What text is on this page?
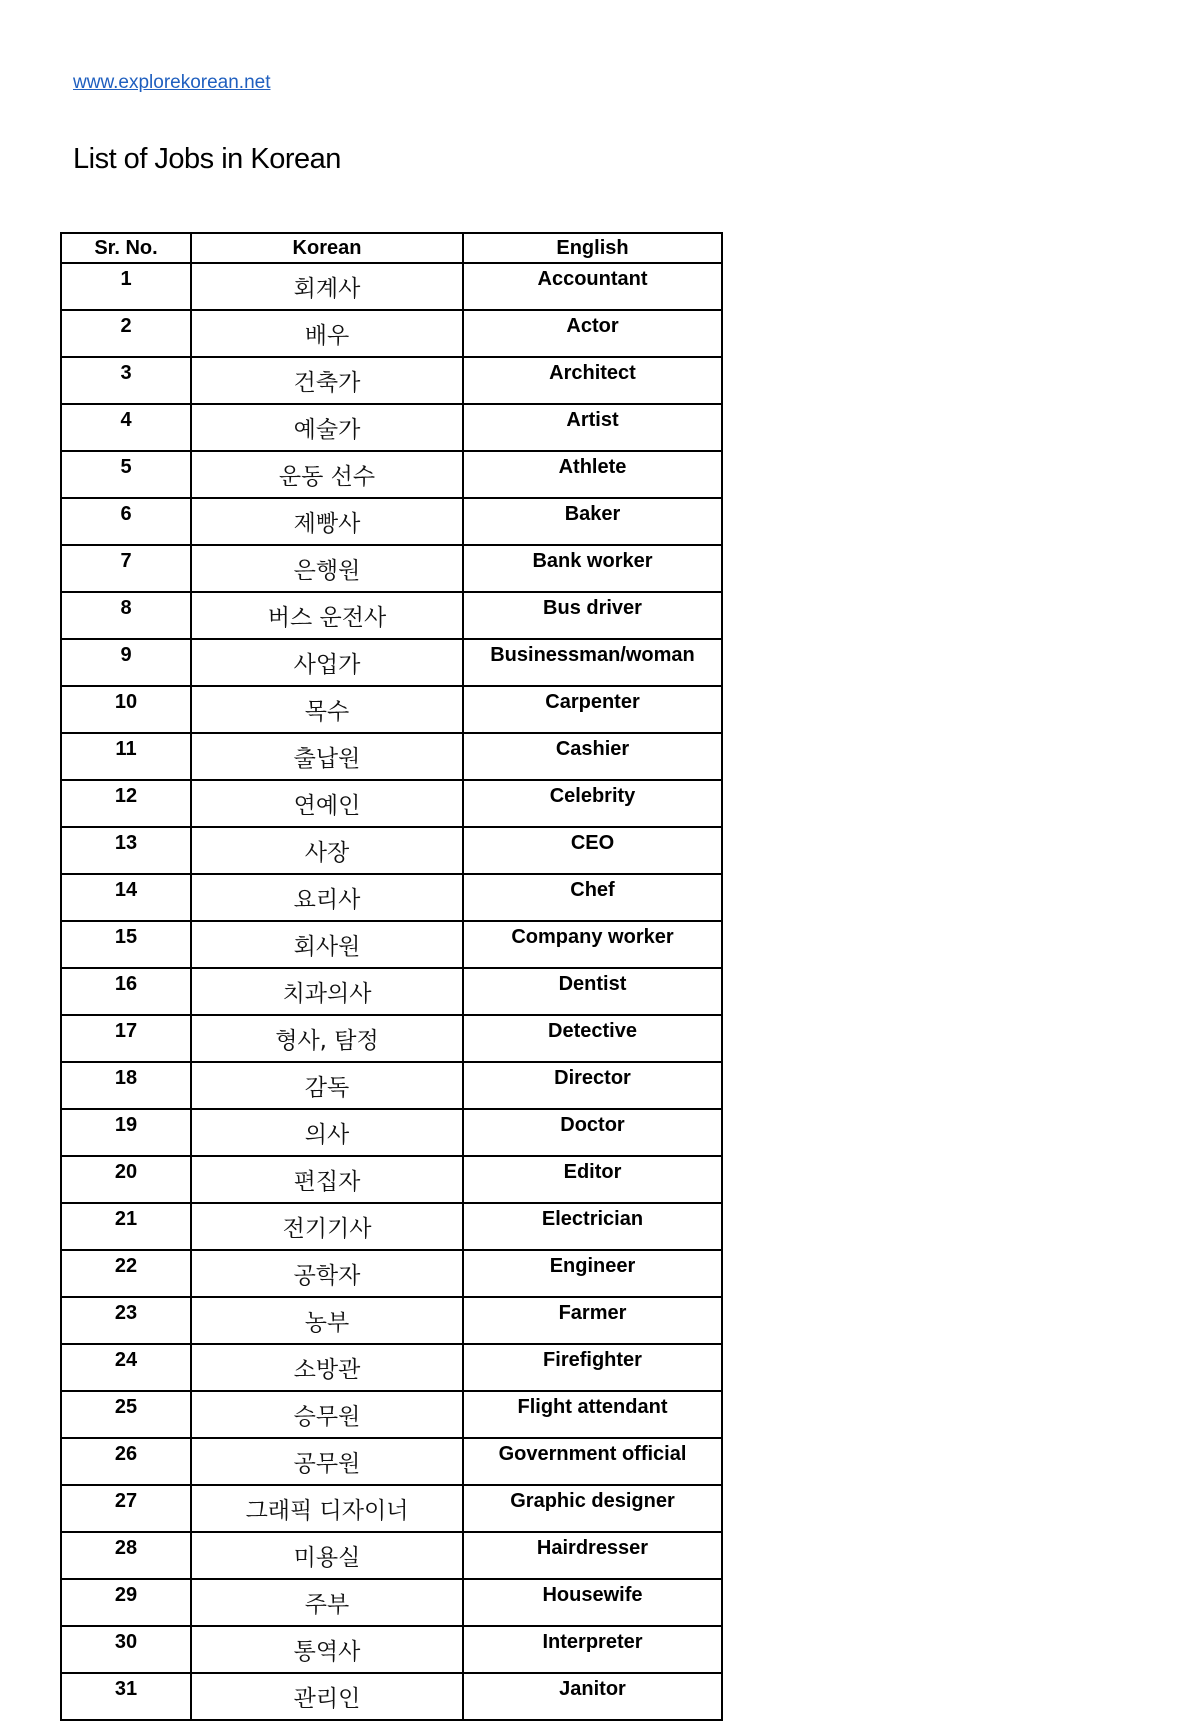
www.explorekorean.net
List of Jobs in Korean
Sr. No.	Korean	English
1	회계사	Accountant
2	배우	Actor
3	건축가	Architect
4	예술가	Artist
5	운동 선수	Athlete
6	제빵사	Baker
7	은행원	Bank worker
8	버스 운전사	Bus driver
9	사업가	Businessman/woman
10	목수	Carpenter
11	출납원	Cashier
12	연예인	Celebrity
13	사장	CEO
14	요리사	Chef
15	회사원	Company worker
16	치과의사	Dentist
17	형사, 탐정	Detective
18	감독	Director
19	의사	Doctor
20	편집자	Editor
21	전기기사	Electrician
22	공학자	Engineer
23	농부	Farmer
24	소방관	Firefighter
25	승무원	Flight attendant
26	공무원	Government official
27	그래픽 디자이너	Graphic designer
28	미용실	Hairdresser
29	주부	Housewife
30	통역사	Interpreter
31	관리인	Janitor
